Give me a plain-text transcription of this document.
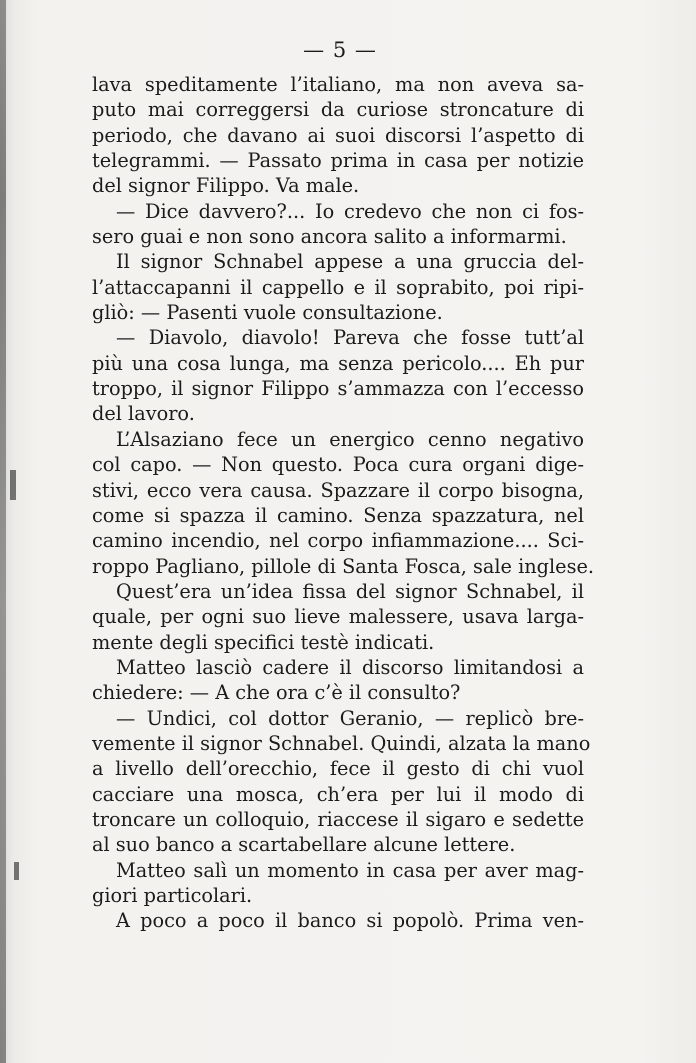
— 5 —
lava speditamente l’italiano, ma non aveva sa-
puto mai correggersi da curiose stroncature di
periodo, che davano ai suoi discorsi l’aspetto di
telegrammi. — Passato prima in casa per notizie
del signor Filippo. Va male.
— Dice davvero?... Io credevo che non ci fos-
sero guai e non sono ancora salito a informarmi.
Il signor Schnabel appese a una gruccia del-
l’attaccapanni il cappello e il soprabito, poi ripi-
gliò: — Pasenti vuole consultazione.
— Diavolo, diavolo! Pareva che fosse tutt’al
più una cosa lunga, ma senza pericolo.... Eh pur
troppo, il signor Filippo s’ammazza con l’eccesso
del lavoro.
L’Alsaziano fece un energico cenno negativo
col capo. — Non questo. Poca cura organi dige-
stivi, ecco vera causa. Spazzare il corpo bisogna,
come si spazza il camino. Senza spazzatura, nel
camino incendio, nel corpo infiammazione.... Sci-
roppo Pagliano, pillole di Santa Fosca, sale inglese.
Quest’era un’idea fissa del signor Schnabel, il
quale, per ogni suo lieve malessere, usava larga-
mente degli specifici testè indicati.
Matteo lasciò cadere il discorso limitandosi a
chiedere: — A che ora c’è il consulto?
— Undici, col dottor Geranio, — replicò bre-
vemente il signor Schnabel. Quindi, alzata la mano
a livello dell’orecchio, fece il gesto di chi vuol
cacciare una mosca, ch’era per lui il modo di
troncare un colloquio, riaccese il sigaro e sedette
al suo banco a scartabellare alcune lettere.
Matteo salì un momento in casa per aver mag-
giori particolari.
A poco a poco il banco si popolò. Prima ven-
